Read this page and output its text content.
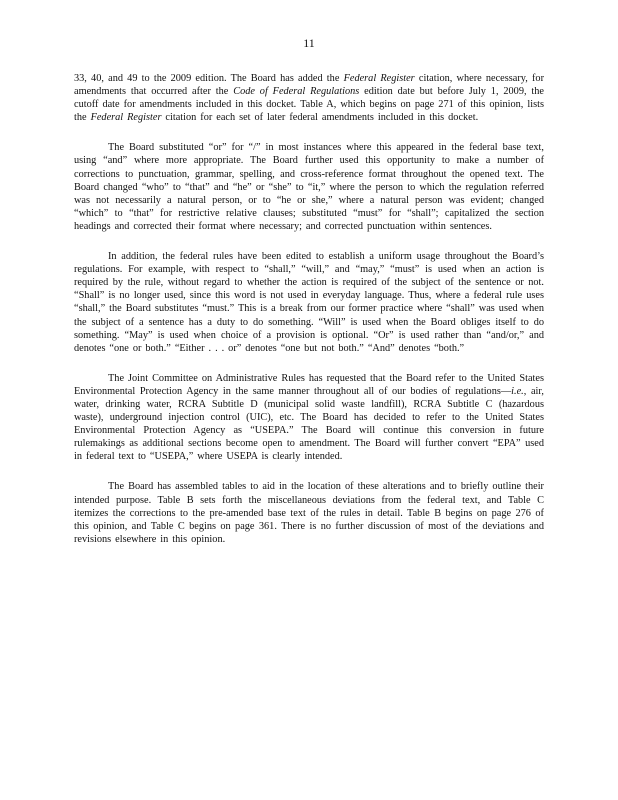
11

33, 40, and 49 to the 2009 edition. The Board has added the Federal Register citation, where necessary, for amendments that occurred after the Code of Federal Regulations edition date but before July 1, 2009, the cutoff date for amendments included in this docket. Table A, which begins on page 271 of this opinion, lists the Federal Register citation for each set of later federal amendments included in this docket.

The Board substituted “or” for “/” in most instances where this appeared in the federal base text, using “and” where more appropriate. The Board further used this opportunity to make a number of corrections to punctuation, grammar, spelling, and cross-reference format throughout the opened text. The Board changed “who” to “that” and “he” or “she” to “it,” where the person to which the regulation referred was not necessarily a natural person, or to “he or she,” where a natural person was evident; changed “which” to “that” for restrictive relative clauses; substituted “must” for “shall”; capitalized the section headings and corrected their format where necessary; and corrected punctuation within sentences.

In addition, the federal rules have been edited to establish a uniform usage throughout the Board’s regulations. For example, with respect to “shall,” “will,” and “may,” “must” is used when an action is required by the rule, without regard to whether the action is required of the subject of the sentence or not. “Shall” is no longer used, since this word is not used in everyday language. Thus, where a federal rule uses “shall,” the Board substitutes “must.” This is a break from our former practice where “shall” was used when the subject of a sentence has a duty to do something. “Will” is used when the Board obliges itself to do something. “May” is used when choice of a provision is optional. “Or” is used rather than “and/or,” and denotes “one or both.” “Either . . . or” denotes “one but not both.” “And” denotes “both.”

The Joint Committee on Administrative Rules has requested that the Board refer to the United States Environmental Protection Agency in the same manner throughout all of our bodies of regulations—i.e., air, water, drinking water, RCRA Subtitle D (municipal solid waste landfill), RCRA Subtitle C (hazardous waste), underground injection control (UIC), etc. The Board has decided to refer to the United States Environmental Protection Agency as “USEPA.” The Board will continue this conversion in future rulemakings as additional sections become open to amendment. The Board will further convert “EPA” used in federal text to “USEPA,” where USEPA is clearly intended.

The Board has assembled tables to aid in the location of these alterations and to briefly outline their intended purpose. Table B sets forth the miscellaneous deviations from the federal text, and Table C itemizes the corrections to the pre-amended base text of the rules in detail. Table B begins on page 276 of this opinion, and Table C begins on page 361. There is no further discussion of most of the deviations and revisions elsewhere in this opinion.
